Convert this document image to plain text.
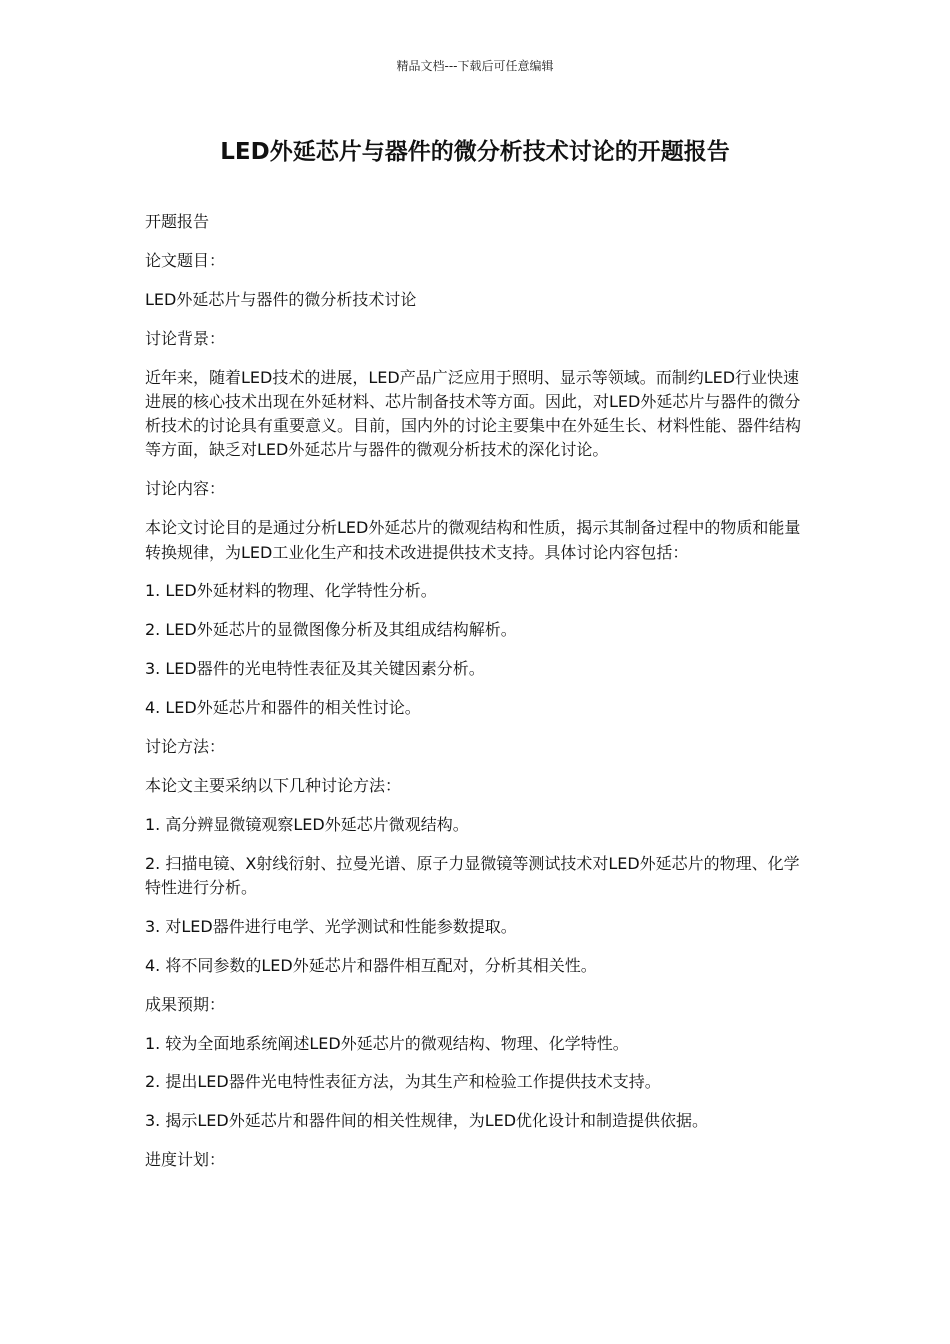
精品文档---下载后可任意编辑
LED外延芯片与器件的微分析技术讨论的开题报告

开题报告

论文题目：

LED外延芯片与器件的微分析技术讨论

讨论背景：

近年来，随着LED技术的进展，LED产品广泛应用于照明、显示等领域。而制约LED行业快速进展的核心技术出现在外延材料、芯片制备技术等方面。因此，对LED外延芯片与器件的微分析技术的讨论具有重要意义。目前，国内外的讨论主要集中在外延生长、材料性能、器件结构等方面，缺乏对LED外延芯片与器件的微观分析技术的深化讨论。

讨论内容：

本论文讨论目的是通过分析LED外延芯片的微观结构和性质，揭示其制备过程中的物质和能量转换规律，为LED工业化生产和技术改进提供技术支持。具体讨论内容包括：

1. LED外延材料的物理、化学特性分析。

2. LED外延芯片的显微图像分析及其组成结构解析。

3. LED器件的光电特性表征及其关键因素分析。

4. LED外延芯片和器件的相关性讨论。

讨论方法：

本论文主要采纳以下几种讨论方法：

1. 高分辨显微镜观察LED外延芯片微观结构。

2. 扫描电镜、X射线衍射、拉曼光谱、原子力显微镜等测试技术对LED外延芯片的物理、化学特性进行分析。

3. 对LED器件进行电学、光学测试和性能参数提取。

4. 将不同参数的LED外延芯片和器件相互配对，分析其相关性。

成果预期：

1. 较为全面地系统阐述LED外延芯片的微观结构、物理、化学特性。

2. 提出LED器件光电特性表征方法，为其生产和检验工作提供技术支持。

3. 揭示LED外延芯片和器件间的相关性规律，为LED优化设计和制造提供依据。

进度计划：
